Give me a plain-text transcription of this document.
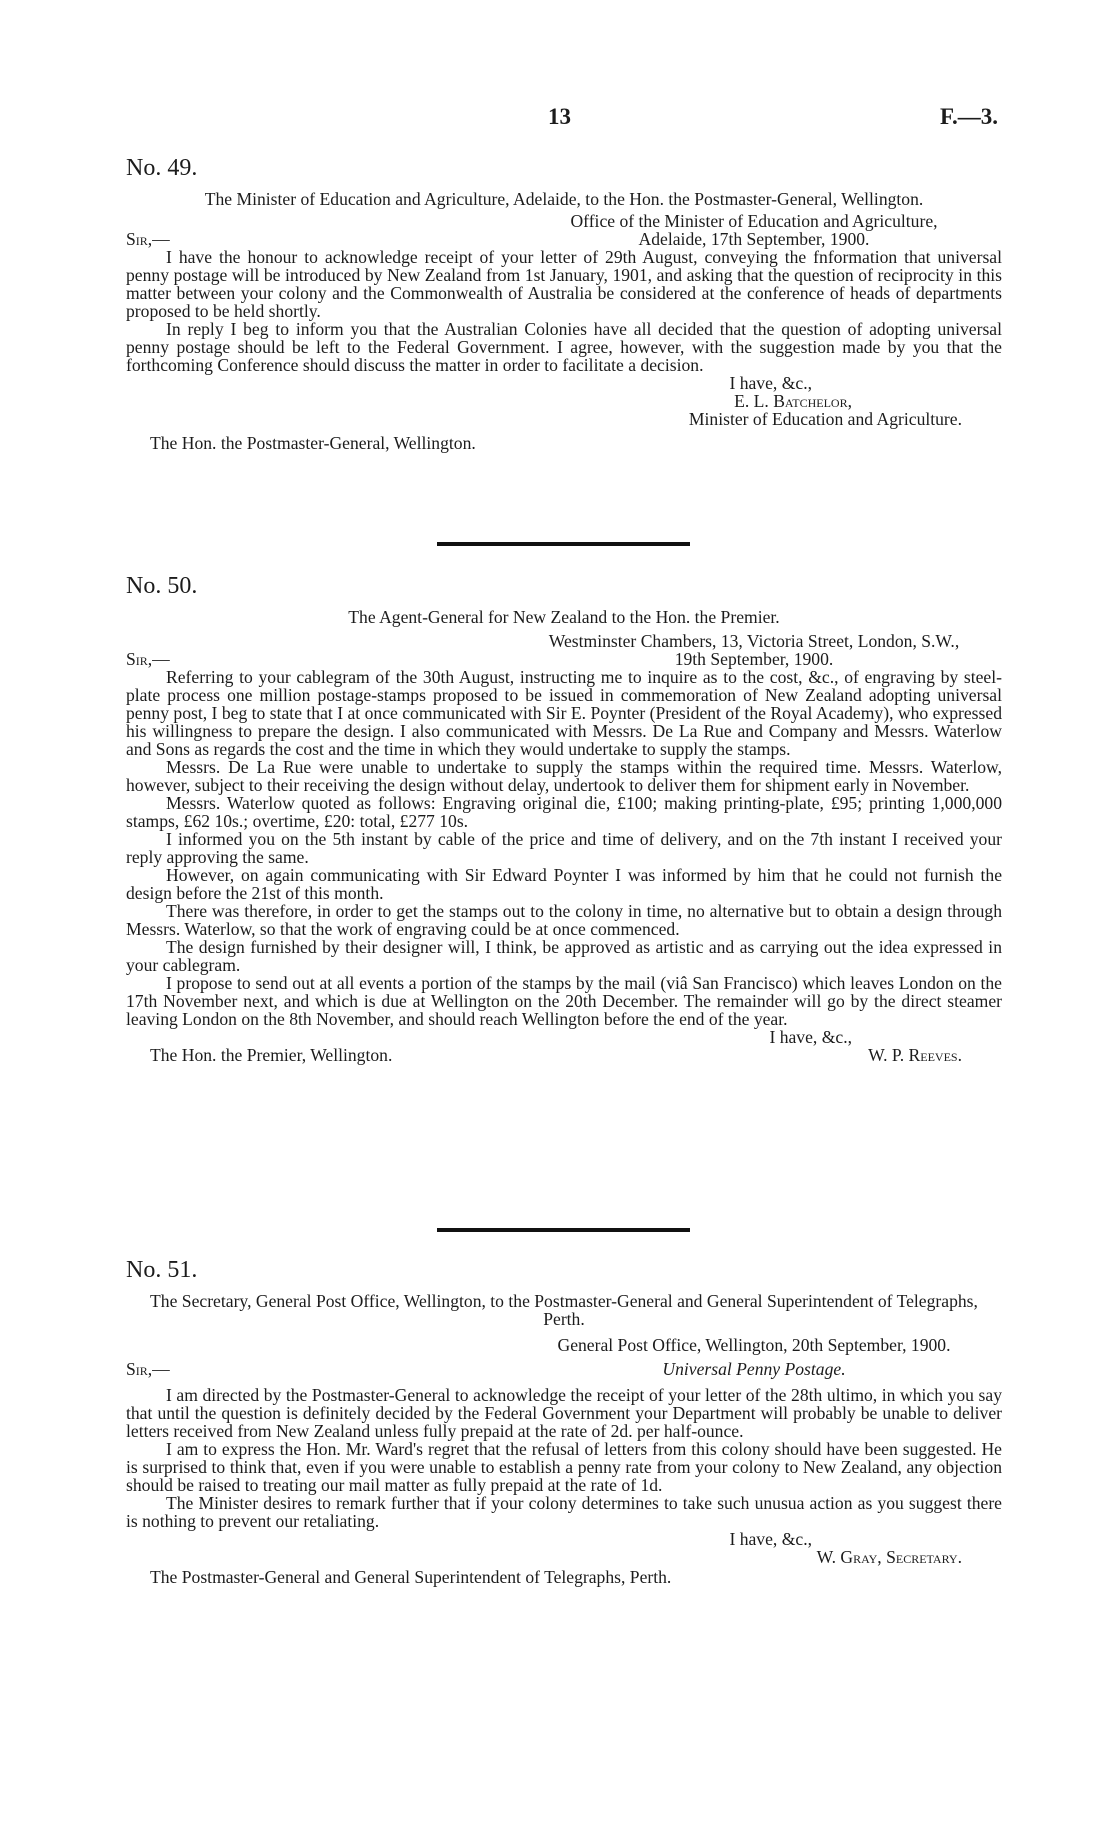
13	F.—3.

No. 49.

The Minister of Education and Agriculture, Adelaide, to the Hon. the Postmaster-General, Wellington.

Office of the Minister of Education and Agriculture,

Sir,—	Adelaide, 17th September, 1900.

I have the honour to acknowledge receipt of your letter of 29th August, conveying the fnformation that universal penny postage will be introduced by New Zealand from 1st January, 1901, and asking that the question of reciprocity in this matter between your colony and the Commonwealth of Australia be considered at the conference of heads of departments proposed to be held shortly.

In reply I beg to inform you that the Australian Colonies have all decided that the question of adopting universal penny postage should be left to the Federal Government. I agree, however, with the suggestion made by you that the forthcoming Conference should discuss the matter in order to facilitate a decision.

I have, &c.,
E. L. Batchelor,
Minister of Education and Agriculture.

The Hon. the Postmaster-General, Wellington.

No. 50.

The Agent-General for New Zealand to the Hon. the Premier.

Westminster Chambers, 13, Victoria Street, London, S.W.,

Sir,—	19th September, 1900.

Referring to your cablegram of the 30th August, instructing me to inquire as to the cost, &c., of engraving by steel-plate process one million postage-stamps proposed to be issued in commemoration of New Zealand adopting universal penny post, I beg to state that I at once communicated with Sir E. Poynter (President of the Royal Academy), who expressed his willingness to prepare the design. I also communicated with Messrs. De La Rue and Company and Messrs. Waterlow and Sons as regards the cost and the time in which they would undertake to supply the stamps.

Messrs. De La Rue were unable to undertake to supply the stamps within the required time. Messrs. Waterlow, however, subject to their receiving the design without delay, undertook to deliver them for shipment early in November.

Messrs. Waterlow quoted as follows: Engraving original die, £100; making printing-plate, £95; printing 1,000,000 stamps, £62 10s.; overtime, £20: total, £277 10s.

I informed you on the 5th instant by cable of the price and time of delivery, and on the 7th instant I received your reply approving the same.

However, on again communicating with Sir Edward Poynter I was informed by him that he could not furnish the design before the 21st of this month.

There was therefore, in order to get the stamps out to the colony in time, no alternative but to obtain a design through Messrs. Waterlow, so that the work of engraving could be at once commenced.

The design furnished by their designer will, I think, be approved as artistic and as carrying out the idea expressed in your cablegram.

I propose to send out at all events a portion of the stamps by the mail (viâ San Francisco) which leaves London on the 17th November next, and which is due at Wellington on the 20th December. The remainder will go by the direct steamer leaving London on the 8th November, and should reach Wellington before the end of the year.

I have, &c.,
The Hon. the Premier, Wellington.	W. P. Reeves.

No. 51.

The Secretary, General Post Office, Wellington, to the Postmaster-General and General Superintendent of Telegraphs, Perth.

General Post Office, Wellington, 20th September, 1900.

Sir,—	Universal Penny Postage.

I am directed by the Postmaster-General to acknowledge the receipt of your letter of the 28th ultimo, in which you say that until the question is definitely decided by the Federal Government your Department will probably be unable to deliver letters received from New Zealand unless fully prepaid at the rate of 2d. per half-ounce.

I am to express the Hon. Mr. Ward's regret that the refusal of letters from this colony should have been suggested. He is surprised to think that, even if you were unable to establish a penny rate from your colony to New Zealand, any objection should be raised to treating our mail matter as fully prepaid at the rate of 1d.

The Minister desires to remark further that if your colony determines to take such unusua action as you suggest there is nothing to prevent our retaliating.

I have, &c.,
W. Gray, Secretary.

The Postmaster-General and General Superintendent of Telegraphs, Perth.
